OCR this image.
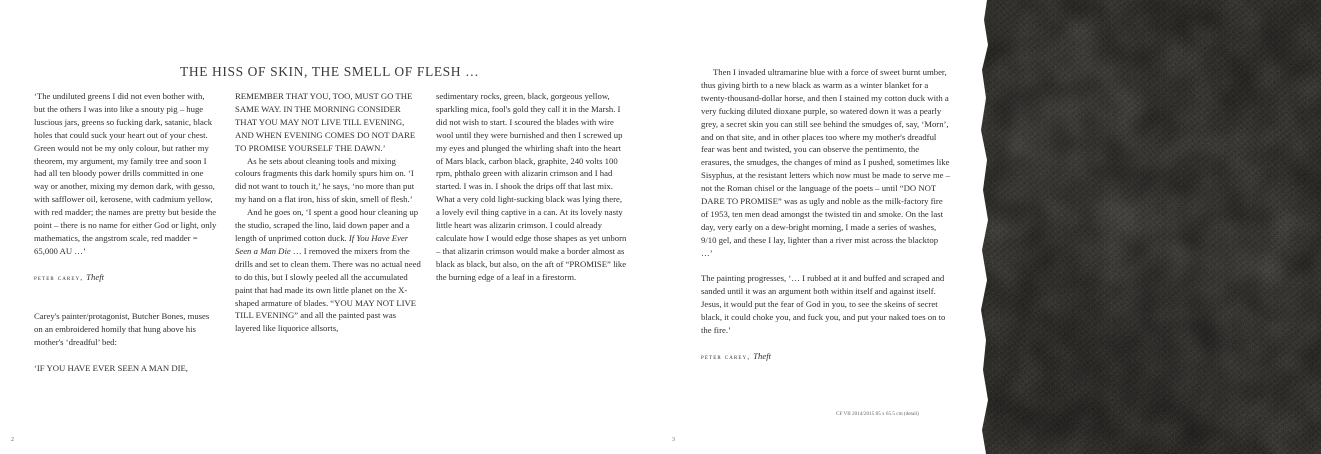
THE HISS OF SKIN, THE SMELL OF FLESH …

‘The undiluted greens I did not even bother with, but the others I was into like a snouty pig – huge luscious jars, greens so fucking dark, satanic, black holes that could suck your heart out of your chest. Green would not be my only colour, but rather my theorem, my argument, my family tree and soon I had all ten bloody power drills committed in one way or another, mixing my demon dark, with gesso, with safflower oil, kerosene, with cadmium yellow, with red madder; the names are pretty but beside the point – there is no name for either God or light, only mathematics, the angstrom scale, red madder = 65,000 AU …’

peter carey, Theft

Carey's painter/protagonist, Butcher Bones, muses on an embroidered homily that hung above his mother's ‘dreadful’ bed:

‘IF YOU HAVE EVER SEEN A MAN DIE,

REMEMBER THAT YOU, TOO, MUST GO THE SAME WAY. IN THE MORNING CONSIDER THAT YOU MAY NOT LIVE TILL EVENING, AND WHEN EVENING COMES DO NOT DARE TO PROMISE YOURSELF THE DAWN.’

As he sets about cleaning tools and mixing colours fragments this dark homily spurs him on. ‘I did not want to touch it,’ he says, ‘no more than put my hand on a flat iron, hiss of skin, smell of flesh.’

And he goes on, ‘I spent a good hour cleaning up the studio, scraped the lino, laid down paper and a length of unprimed cotton duck. If You Have Ever Seen a Man Die … I removed the mixers from the drills and set to clean them. There was no actual need to do this, but I slowly peeled all the accumulated paint that had made its own little planet on the X-shaped armature of blades. “YOU MAY NOT LIVE TILL EVENING” and all the painted past was layered like liquorice allsorts,

sedimentary rocks, green, black, gorgeous yellow, sparkling mica, fool's gold they call it in the Marsh. I did not wish to start. I scoured the blades with wire wool until they were burnished and then I screwed up my eyes and plunged the whirling shaft into the heart of Mars black, carbon black, graphite, 240 volts 100 rpm, phthalo green with alizarin crimson and I had started. I was in. I shook the drips off that last mix. What a very cold light-sucking black was lying there, a lovely evil thing captive in a can. At its lovely nasty little heart was alizarin crimson. I could already calculate how I would edge those shapes as yet unborn – that alizarin crimson would make a border almost as black as black, but also, on the aft of “PROMISE” like the burning edge of a leaf in a firestorm.

2

Then I invaded ultramarine blue with a force of sweet burnt umber, thus giving birth to a new black as warm as a winter blanket for a twenty-thousand-dollar horse, and then I stained my cotton duck with a very fucking diluted dioxane purple, so watered down it was a pearly grey, a secret skin you can still see behind the smudges of, say, ‘Morn’, and on that site, and in other places too where my mother's dreadful fear was bent and twisted, you can observe the pentimento, the erasures, the smudges, the changes of mind as I pushed, sometimes like Sisyphus, at the resistant letters which now must be made to serve me – not the Roman chisel or the language of the poets – until “DO NOT DARE TO PROMISE” was as ugly and noble as the milk-factory fire of 1953, ten men dead amongst the twisted tin and smoke. On the last day, very early on a dew-bright morning, I made a series of washes, 9/10 gel, and these I lay, lighter than a river mist across the blacktop …’

The painting progresses, ‘… I rubbed at it and buffed and scraped and sanded until it was an argument both within itself and against itself. Jesus, it would put the fear of God in you, to see the skeins of secret black, it could choke you, and fuck you, and put your naked toes on to the fire.’

peter carey, Theft

CF VII 2014/2015 85 x 65.5 cm (detail)
3
